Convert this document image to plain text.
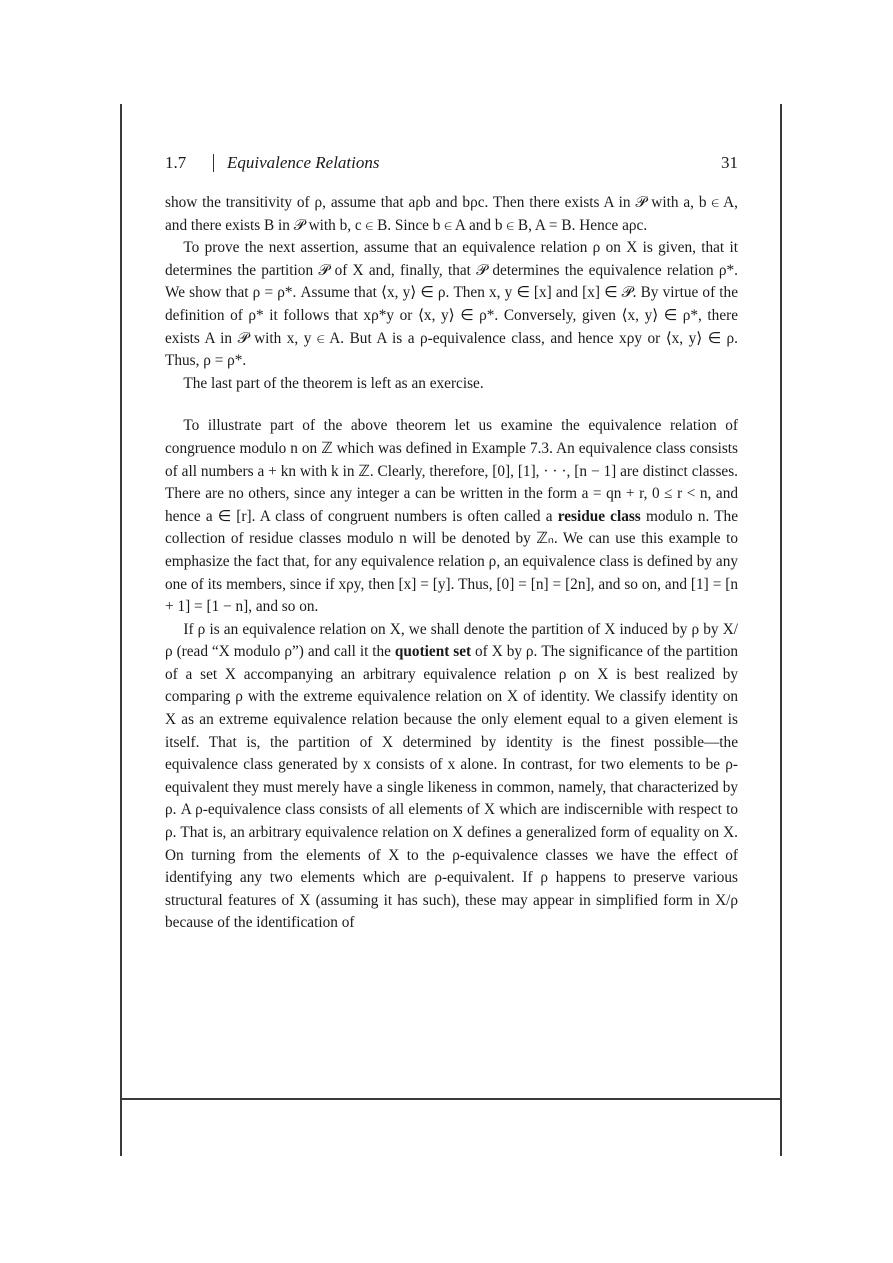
1.7 Equivalence Relations	31

show the transitivity of ρ, assume that aρb and bρc. Then there exists A in 𝒫 with a, b ∈ A, and there exists B in 𝒫 with b, c ∈ B. Since b ∈ A and b ∈ B, A = B. Hence aρc.

To prove the next assertion, assume that an equivalence relation ρ on X is given, that it determines the partition 𝒫 of X and, finally, that 𝒫 determines the equivalence relation ρ*. We show that ρ = ρ*. Assume that ⟨x, y⟩ ∈ ρ. Then x, y ∈ [x] and [x] ∈ 𝒫. By virtue of the definition of ρ* it follows that xρ*y or ⟨x, y⟩ ∈ ρ*. Conversely, given ⟨x, y⟩ ∈ ρ*, there exists A in 𝒫 with x, y ∈ A. But A is a ρ-equivalence class, and hence xρy or ⟨x, y⟩ ∈ ρ. Thus, ρ = ρ*.

The last part of the theorem is left as an exercise.

To illustrate part of the above theorem let us examine the equivalence relation of congruence modulo n on ℤ which was defined in Example 7.3. An equivalence class consists of all numbers a + kn with k in ℤ. Clearly, therefore, [0], [1], · · ·, [n − 1] are distinct classes. There are no others, since any integer a can be written in the form a = qn + r, 0 ≤ r < n, and hence a ∈ [r]. A class of congruent numbers is often called a residue class modulo n. The collection of residue classes modulo n will be denoted by ℤₙ. We can use this example to emphasize the fact that, for any equivalence relation ρ, an equivalence class is defined by any one of its members, since if xρy, then [x] = [y]. Thus, [0] = [n] = [2n], and so on, and [1] = [n + 1] = [1 − n], and so on.

If ρ is an equivalence relation on X, we shall denote the partition of X induced by ρ by X/ρ (read “X modulo ρ”) and call it the quotient set of X by ρ. The significance of the partition of a set X accompanying an arbitrary equivalence relation ρ on X is best realized by comparing ρ with the extreme equivalence relation on X of identity. We classify identity on X as an extreme equivalence relation because the only element equal to a given element is itself. That is, the partition of X determined by identity is the finest possible—the equivalence class generated by x consists of x alone. In contrast, for two elements to be ρ-equivalent they must merely have a single likeness in common, namely, that characterized by ρ. A ρ-equivalence class consists of all elements of X which are indiscernible with respect to ρ. That is, an arbitrary equivalence relation on X defines a generalized form of equality on X. On turning from the elements of X to the ρ-equivalence classes we have the effect of identifying any two elements which are ρ-equivalent. If ρ happens to preserve various structural features of X (assuming it has such), these may appear in simplified form in X/ρ because of the identification of
